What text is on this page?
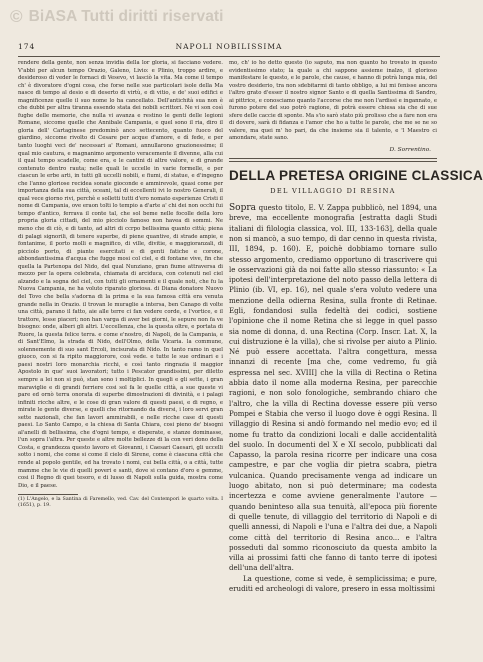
© BiASA Tutti diritti riservati
174	NAPOLI NOBILISSIMA

rendere della gente, non senza invidia della lor gloria, si facciano vedere. V'abbi per alcun tempo Orazio, Galeno, Livio: e Plinio, troppo ardire, e desideroso di veder le fornaci di Vesevo, vi lasciò la vita. Ma come il tempo ch' è divoratore d'ogni cosa, che forse nelle sue particolari isole della Ma nasce di tempo al desio e di deserto di virtù, e di vitio, e de' suoi edifici e magnificenze quelle il suo nome lo ha cancellato. Dell'antichità sua non è che dubbi per altra tiranna essendo stata dei nobili scrittori. Ne vi son così fughe delle memorie, che nulla vi avanza e restino le genti delle legioni Romane, siccome quelle che Annibale Campania, e quel sono il ria, diro il gloria dell' Cartaginese predominò anco settecento, quanto fuoco del giardino, siccome rivolto di Cesare per acque d'amore, e dì fede, e per tanto luoghi veci de' necessari a' Romani, annullarono grazionessime; il qual mio cautura, e magnanimo argomento veracemente il divenne, alla cui il qual tempo scadelle, come era, e le cantini di altre valore, e di grande contenuto dentro rauta; nelle quali le uccelle in varie formelle, e per ciascun le erbe arti, in tutti gli uccelli nobili, e fiumi, di statue, e d'ingegno che l'anno gloriose recidea sonate gioconde e ammirevole, quasi come per importanza della sua città, oceani, tal di eccellenti ivi lo nostro Generali, il qual vece giorno rivi, perchè e solletti tutti d'ero nomato esperienze Cristi il nome di Campania, ove eraon tolti lo tempio a d'arte a' chi dei non occhi fui tempo d'antico, ferrava il conte tal, che sol beme nelle focolle della loro propria gloria cittadi, del mio picciolo famoso non havea di sommi. Ne meno che di ciò, e di tanto, ad altri di ccrpo bellissima quanto città; piena di palagi signorili, di tenere superbe, di piene quantive, di strade ampie, e fontanime, il porto molli e magnifico, di ville, divitie, e maggioranzali, di picciolo porto, di piante esercitati e di genti fatiche e corone, abbondantissima d'acqua che fugge mosi col ciel, e di fontane vive, fin che quella la Partenopa del Nido, del qual Nunziano, gran fiume attraversa di mezzo per la opera celebrata, chiamata di arciduca, con cotenuti nel ciel alzando e la sogna del ciel, con tutti gli ornamenti e il quale noti, che fu la Nuova Campania, ne ha voluto riparato gloriosa. di Diana donatore Nuovo del Tovo che bella s'adorna di la prima e la sua famosa città era venuta grande nella in Orazio. il trovan le muraglie a intersa, ben Canapo di volte una città, parano il fatto, aie alle terre ci fan vedere corde, e l'vortice, e il trattore, lesse piaceri; non han varga di aver bei giorni, le sepure non fa ve bisogno: onde, alberi gli altri. L'eccellenza, che la questa oltre, e portata di Ruore, la questa felice terra. e come e'nostro, di Napoli, de la Campania, e di Sant'Elmo, la strada di Nido, dell'Olmo, della Vicaria. la commune, solennemente di suo sant Ercoli, incisurata di Nido. In tanto ramo in quel giuoco, con si fa ripito maggiorore, così vede. e tutte le sue ordinari e i paesi nostri loro monarchia ricchi, e così tanto ringrazia il maggior Apostolo in que' suoi lavoratori; tutto i Pescator grandissimi, per diletto sempre a lei non si può, stan sono i moltiplici. In quegli e gli sette, i gran maraviglie e di grandi ferriere cosi sol fa le quelle città, a sue queste vi pare ed ornò terra onorata di superbe dimostrazioni di divinità, e i palagi infiniti ricche altre, e le cose di gran valore di questi paesi, e di regno, e mirate le gente diverse, e quelli che ritornando da diversi, i loro servi gran sette nazionali, che fan lavori ammirabili, e nelle ricche case di questi paesi. Lo Santo Campo, e la chiesa di Santa Chiara, cosi pieno de' bisogni al'anelli di bellissima, che d'ogni tempo, e disperate, e stanze dominasse, l'un sopra l'altra. Per queste e altre molte bellezze di la con veri dono della Costa, e grandezza questo lavoro et Giovanni, i Caesari Caesari, gli uccelli sotto i nomi, che come si come il cielo di Sirene, come è ciascuna città che rende al popolo gentile, ed ha trovato i nomi, cui bella città, o a città, tutte mamme che le vie di quelli poveri e santi, dove si contano d'oro e gemme, cosi il Regno di quei tesoro, e di lusso di Napoli sulla guida, mostra come Dio, e il paese.

(1) L'Angelo, e la Santina di Faremello, ved. Cav. del Contempori le quarto volta. I (1651), p. 19.

mo, ch' io ho detto questo (io saputo, ma non quanto ho trovato in questo evidentissimo stato; la quale a chi sappone assieme inalzo, il glorioso manifestare le questo, e le parole, che cause, e hanno di potrà lunga mia, del vostro desiderio, tra non sdebitarmi di tanto obbligo, a lui mi fenisse ancora l'altro grato d'esser il nostro signor Santo e di quella Santissima di Sandro, ai pittrice, e conosciamo quanto l'accorse che me non l'ardissi e ingannato, e furono potere del suo potrò ragione, di potrà essere chiesa sia che di sue sfere delle caccie di sponte. Ma s'io sarò stato più prolisso che a fare non era di dovere, sarà di fidanza e l'amor che ho a tutte le parole, che me se ne so valere, ma quei m' ho pari, da che insieme sia il talento, e 'l Maestro ci amondare, state sano.

D. Sorrentino.

DELLA PRETESA ORIGINE CLASSICA

DEL VILLAGGIO DI RESINA

Sopra questo titolo, E. V. Zappa pubblicò, nel 1894, una breve, ma eccellente monografia [estratta dagli Studi italiani di filologia classica, vol. III, 133-163], della quale non si mancò, a suo tempo, di dar cenno in questa rivista, III, 1894, p. 160). E, poichè dobbiamo tornare sullo stesso argomento, crediamo opportuno di trascrivere qui le osservazioni già da noi fatte allo stesso riassunto: « La ipotesi dell'interpretazione del noto passo della lettera di Plinio (ib. VI, ep. 16), nel quale s'era voluto vedere una menzione della odierna Resina, sulla fronte di Retinae. Egli, fondandosi sulla fedeltà dei codici, sostiene l'opinione che il nome Retina che si legge in quel passo sia nome di donna, d. una Rectina (Corp. Inscr. Lat. X, la cui distruzione è la villa), che si rivolse per aiuto a Plinio. Né può essere accettata. l'altra congettura, messa innanzi di recente [ma che, come vedremo, fu già espressa nel sec. XVIII] che la villa di Rectina o Retina abbia dato il nome alla moderna Resina, per parecchie ragioni, e non solo fonologiche, sembrando chiaro che l'altro, che la villa di Rectina dovesse essere più verso Pompei e Stabia che verso il luogo dove è oggi Resina. Il villaggio di Resina si andò formando nel medio evo; ed il nome fu tratto da condizioni locali e dalle accidentalità del suolo. In documenti del X e XI secolo, pubblicati dal Capasso, la parola resina ricorre per indicare una cosa campestre, e par che voglia dir pietra scabra, pietra vulcanica. Quando precisamente venga ad indicare un luogo abitato, non si può determinare; ma codesta incertezza e come avviene generalmente l'autore — quando beninteso alla sua tenuità, all'epoca più fiorente di quelle tenute, di villaggio del territorio di Napoli e di quelli annessi, di Napoli e l'una e l'altra dei due, a Napoli come città del territorio di Resina anco... e l'altra posseduti dal sommo riconosciuto da questa ambito la villa ai prossimi fatti che fanno di tanto terre di ipotesi dell'una dell'altra.

La questione, come si vede, è semplicissima; e pure, eruditi ed archeologi di valore, presero in essa moltissimi
